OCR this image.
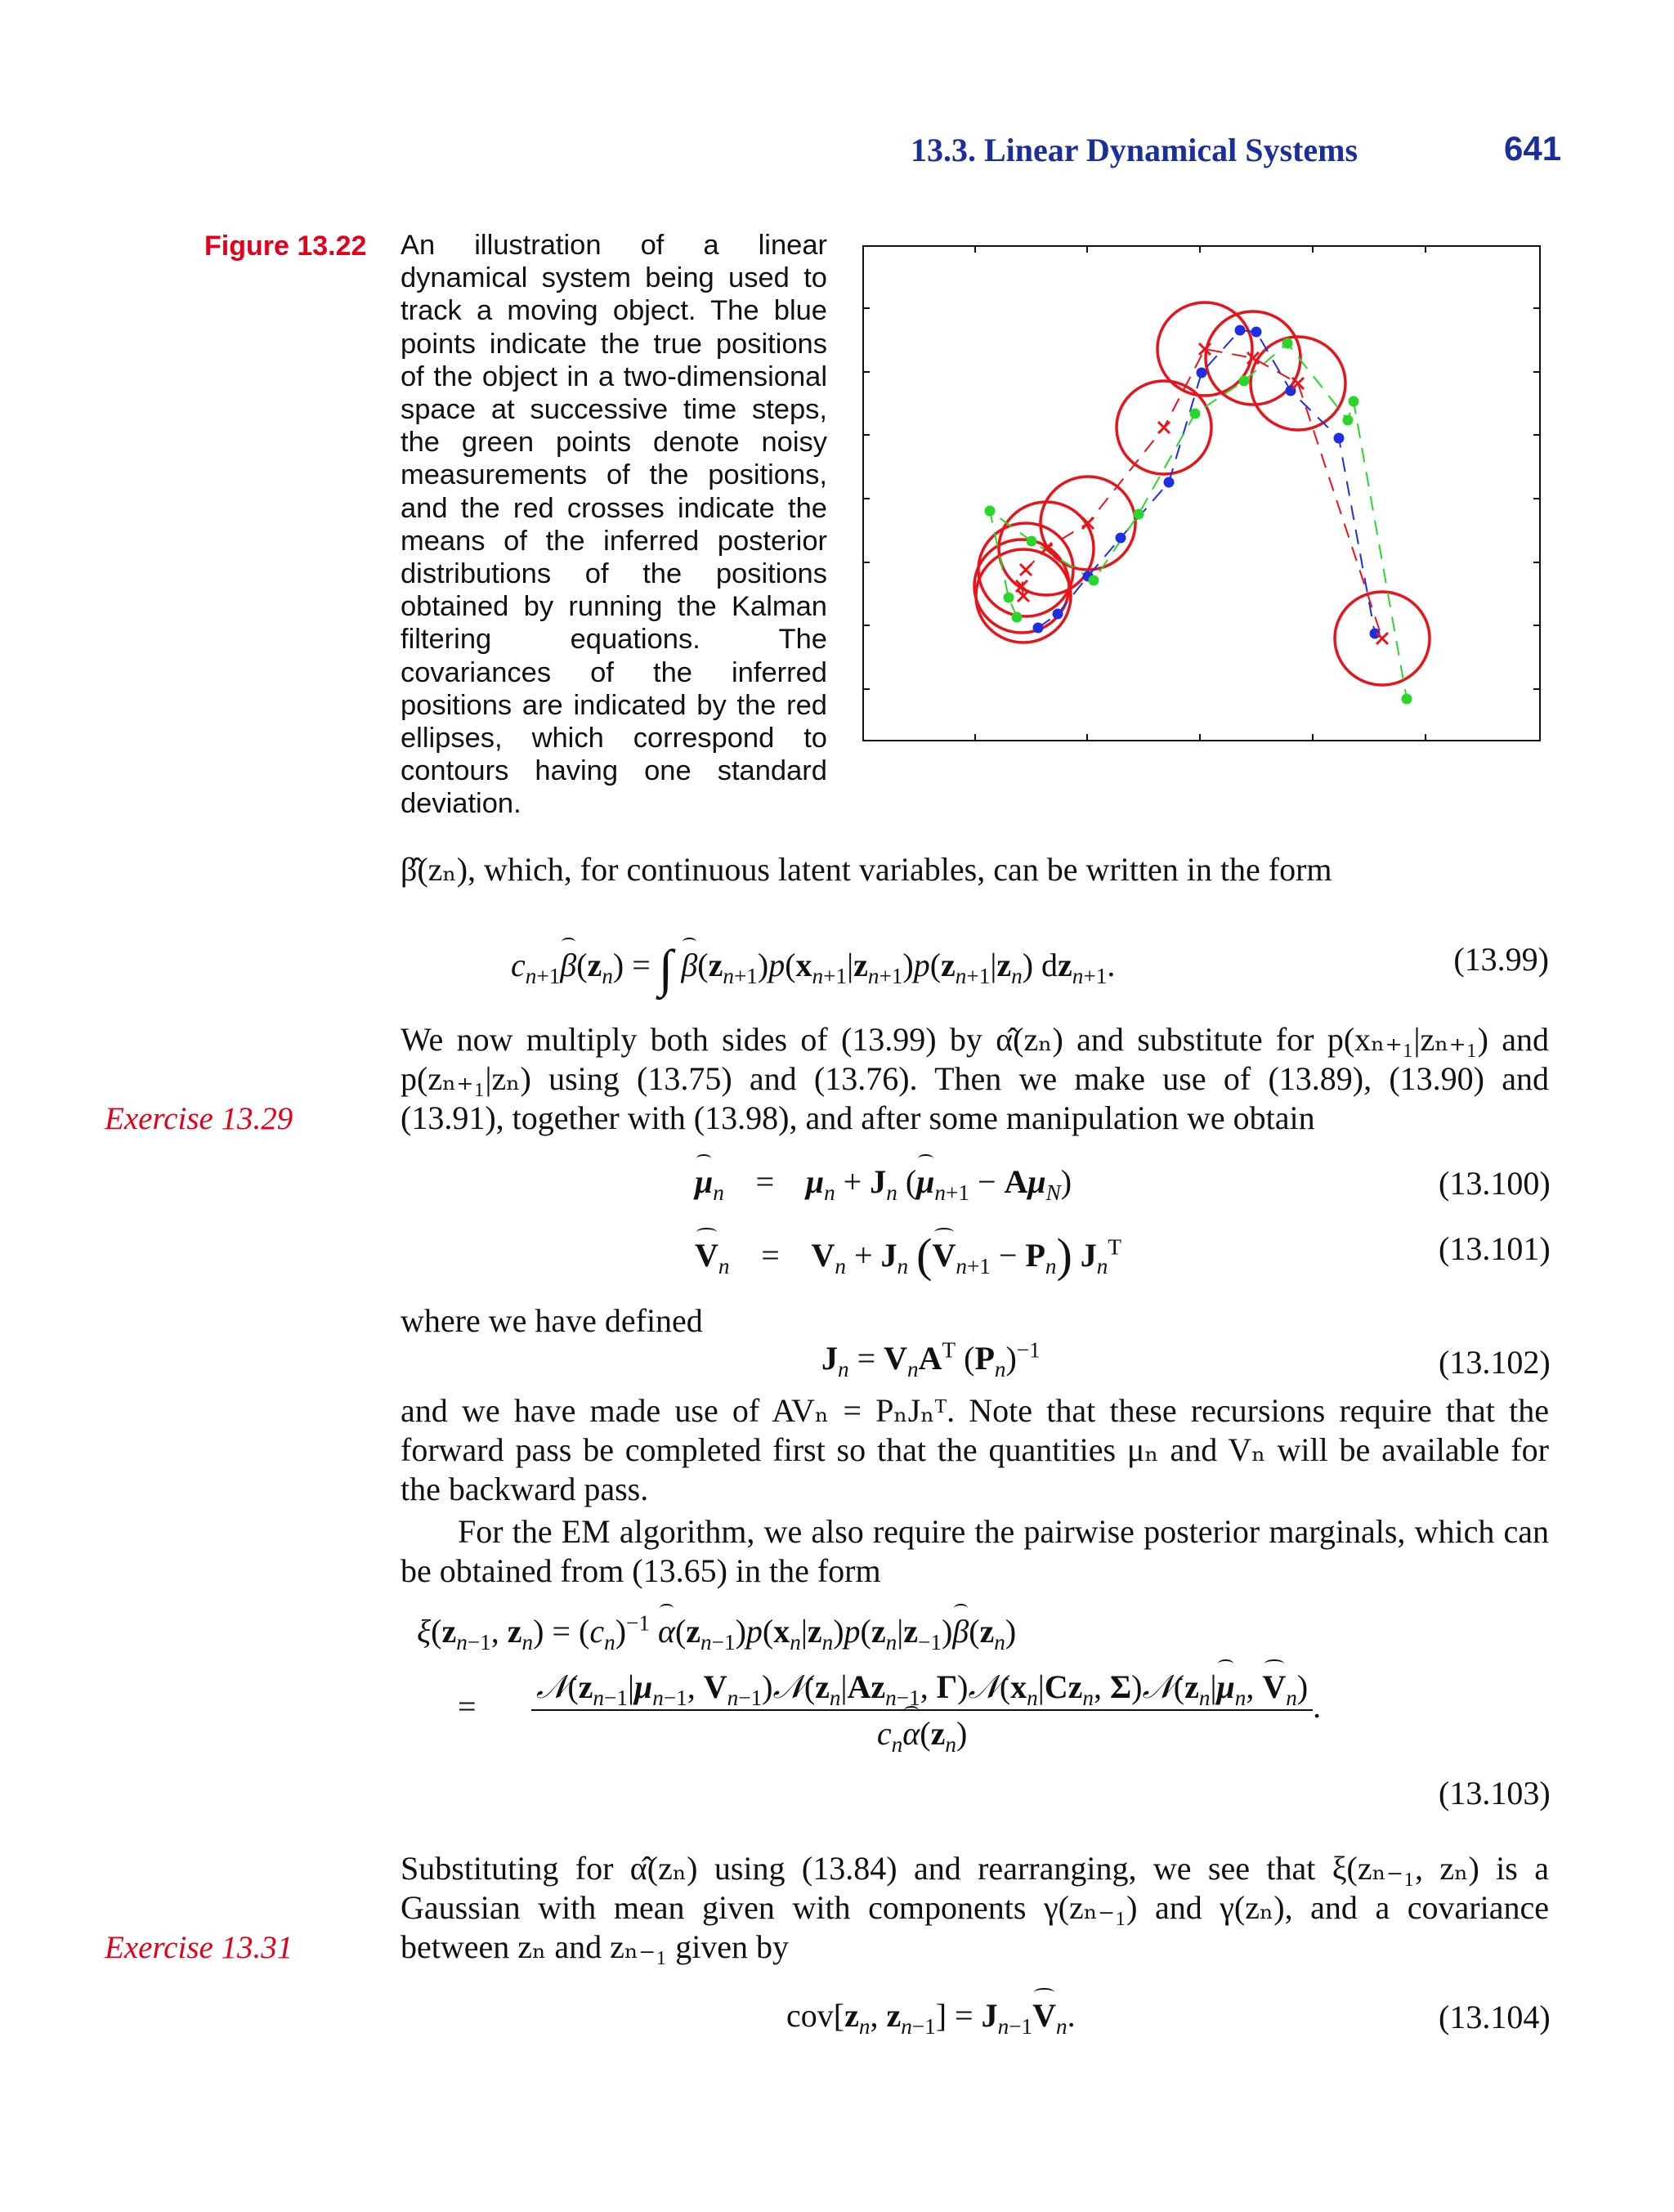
13.3. Linear Dynamical Systems	641
Figure 13.22 An illustration of a linear dynamical system being used to track a moving object. The blue points indicate the true positions of the object in a two-dimensional space at successive time steps, the green points denote noisy measurements of the positions, and the red crosses indicate the means of the inferred posterior distributions of the positions obtained by running the Kalman filtering equations. The covariances of the inferred positions are indicated by the red ellipses, which correspond to contours having one standard deviation.
β̂(zₙ), which, for continuous latent variables, can be written in the form
$c_{n+1}\beta(z_n)$ = ∫ $\beta(z_{n+1})p(x_{n+1}|z_{n+1})p(z_{n+1}|z_n)$ $dz_{n+1}$.	(13.99)
We now multiply both sides of (13.99) by α̂(zₙ) and substitute for p(xₙ₊₁|zₙ₊₁) and p(zₙ₊₁|zₙ) using (13.75) and (13.76). Then we make use of (13.89), (13.90) and (13.91), together with (13.98), and after some manipulation we obtain
Exercise 13.29
$\mu_n = \mu_n + J_n$ $(\mu_{n+1} - A\mu_N)$	(13.100)
$V_n = V_n + J_n$ $(V_{n+1} - P_n)$ $J_n^T$	(13.101)
where we have defined
$J_n = V_nA^T$ $(P_n)^{-1}$	(13.102)
and we have made use of AVₙ = PₙJₙᵀ. Note that these recursions require that the forward pass be completed first so that the quantities μₙ and Vₙ will be available for the backward pass.
For the EM algorithm, we also require the pairwise posterior marginals, which can be obtained from (13.65) in the form
$\xi(z_{n-1}$, $z_n) = (c_n)^{-1}$ $\alpha(z_{n-1})p(x_n|z_n)p(z_n|z_{-1})\beta(z_n)$
= $\frac{𝒩(z_{n-1}|\mu_{n-1}, V_{n-1})𝒩(z_n|Az_{n-1}, \Gamma)𝒩(x_n|Cz_n, \Sigma)𝒩(z_n|\mu_n, V_n)}{c_n\alpha(z_n)}$ .
(13.103)
Substituting for α̂(zₙ) using (13.84) and rearranging, we see that ξ(zₙ₋₁, zₙ) is a Gaussian with mean given with components γ(zₙ₋₁) and γ(zₙ), and a covariance between zₙ and zₙ₋₁ given by
Exercise 13.31
$cov[z_n$, $z_{n-1}] = J_{n-1}V_n$.	(13.104)
